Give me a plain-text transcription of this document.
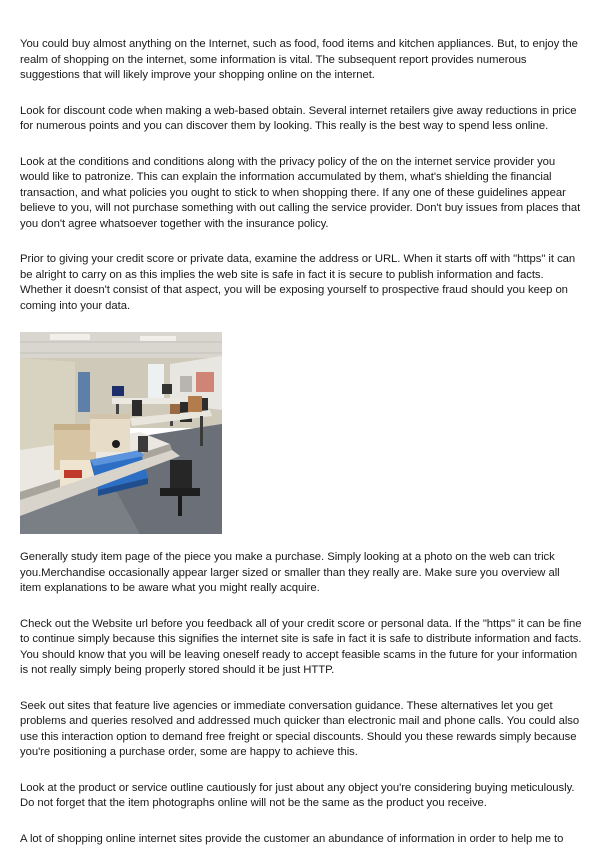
You could buy almost anything on the Internet, such as food, food items and kitchen appliances. But, to enjoy the realm of shopping on the internet, some information is vital. The subsequent report provides numerous suggestions that will likely improve your shopping online on the internet.

Look for discount code when making a web-based obtain. Several internet retailers give away reductions in price for numerous points and you can discover them by looking. This really is the best way to spend less online.

Look at the conditions and conditions along with the privacy policy of the on the internet service provider you would like to patronize. This can explain the information accumulated by them, what's shielding the financial transaction, and what policies you ought to stick to when shopping there. If any one of these guidelines appear believe to you, will not purchase something with out calling the service provider. Don't buy issues from places that you don't agree whatsoever together with the insurance policy.

Prior to giving your credit score or private data, examine the address or URL. When it starts off with "https" it can be alright to carry on as this implies the web site is safe in fact it is secure to publish information and facts. Whether it doesn't consist of that aspect, you will be exposing yourself to prospective fraud should you keep on coming into your data.

Generally study item page of the piece you make a purchase. Simply looking at a photo on the web can trick you.Merchandise occasionally appear larger sized or smaller than they really are. Make sure you overview all item explanations to be aware what you might really acquire.

Check out the Website url before you feedback all of your credit score or personal data. If the "https" it can be fine to continue simply because this signifies the internet site is safe in fact it is safe to distribute information and facts. You should know that you will be leaving oneself ready to accept feasible scams in the future for your information is not really simply being properly stored should it be just HTTP.

Seek out sites that feature live agencies or immediate conversation guidance. These alternatives let you get problems and queries resolved and addressed much quicker than electronic mail and phone calls. You could also use this interaction option to demand free freight or special discounts. Should you these rewards simply because you're positioning a purchase order, some are happy to achieve this.

Look at the product or service outline cautiously for just about any object you're considering buying meticulously. Do not forget that the item photographs online will not be the same as the product you receive.

A lot of shopping online internet sites provide the customer an abundance of information in order to help me to
